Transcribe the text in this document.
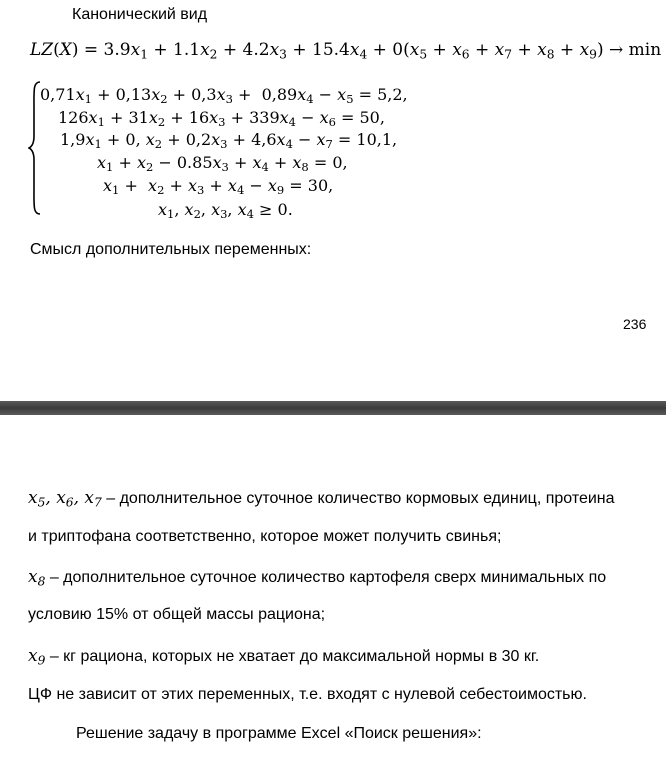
Канонический вид
$LZ(X) = 3.9x_1 + 1.1x_2 + 4.2x_3 + 15.4x_4 + 0(x_5 + x_6 + x_7 + x_8 + x_9) \to \min$
$0,71x_1 + 0,13x_2 + 0,3x_3 + 0,89x_4 - x_5 = 5,2$,
$126x_1 + 31x_2 + 16x_3 + 339x_4 - x_6 = 50$,
$1,9x_1 + 0$, $x_2 + 0,2x_3 + 4,6x_4 - x_7 = 10,1$,
$x_1 + x_2 - 0.85x_3 + x_4 + x_8 = 0$,
$x_1 + x_2 + x_3 + x_4 - x_9 = 30$,
$x_1$, $x_2$, $x_3$, $x_4 \ge 0$.
Смысл дополнительных переменных:
236
$x_5$, $x_6$, $x_7$ – дополнительное суточное количество кормовых единиц, протеина
и триптофана соответственно, которое может получить свинья;
$x_8$ – дополнительное суточное количество картофеля сверх минимальных по
условию 15% от общей массы рациона;
$x_9$ – кг рациона, которых не хватает до максимальной нормы в 30 кг.
ЦФ не зависит от этих переменных, т.е. входят с нулевой себестоимостью.
Решение задачу в программе Excel «Поиск решения»:
